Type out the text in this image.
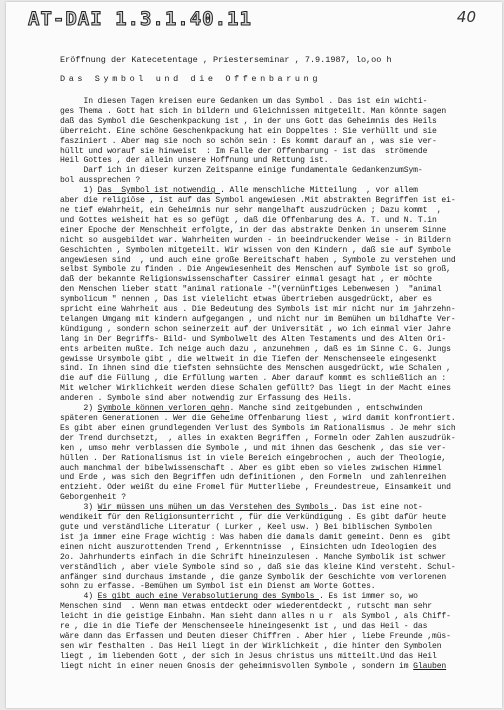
AT-DAI 1.3.1.40.11	40
Eröffnung der Katecetentage , Priesterseminar , 7.9.1987, lo,oo h
Das Symbol und die Offenbarung
In diesen Tagen kreisen eure Gedanken um das Symbol . Das ist ein wichti-
ges Thema . Gott hat sich in bildern und Gleichnissen mitgeteilt. Man könnte sagen
daß das Symbol die Geschenkpackung ist , in der uns Gott das Geheimnis des Heils
überreicht. Eine schöne Geschenkpackung hat ein Doppeltes : Sie verhüllt und sie
fasziniert . Aber mag sie noch so schön sein : Es kommt darauf an , was sie ver-
hüllt und worauf sie hinweist  : Im Falle der Offenbarung - ist das  strömende
Heil Gottes , der allein unsere Hoffnung und Rettung ist.
Darf ich in dieser kurzen Zeitspanne einige fundamentale GedankenzumSym-
bol aussprechen ?
1) Das  Symbol ist notwendig . Alle menschliche Mitteilung  , vor allem
aber die religiöse , ist auf das Symbol angewiesen .Mit abstrakten Begriffen ist ei-
ne tief eWahrheit, ein Geheimnis nur sehr mangelhaft auszudrücken ; Dazu kommt  ,
und Gottes weisheit hat es so gefügt , daß die Offenbarung des A. T. und N. T.in
einer Epoche der Menschheit erfolgte, in der das abstrakte Denken in unserem Sinne
nicht so ausgebildet war. Wahrheiten wurden - in beeindruckender Weise - in Bildern
Geschichten , Symbolen mitgeteilt. Wir wissen von den Kindern , daß sie auf Symbole
angewiesen sind  , und auch eine große Bereitschaft haben , Symbole zu verstehen und
selbst Symbole zu finden . Die Angewiesenheit des Menschen auf Symbole ist so groß,
daß der bekannte Religionswissenschafter Cassirer einmal gesagt hat , er möchte
den Menschen lieber statt "animal rationale -"(vernünftiges Lebenwesen )  "animal
symbolicum " nennen , Das ist vielelicht etwas übertrieben ausgedrückt, aber es
spricht eine Wahrheit aus . Die Bedeutung des Symbols ist mir nicht nur im jahrzehn-
telangen Umgang mit kindern aufgegangen , und nicht nur im Bemühen um bildhafte Ver-
kündigung , sondern schon seinerzeit auf der Universität , wo ich einmal vier Jahre
lang in Der Begriffs- Bild- und Symbolwelt des Alten Testaments und des Alten Ori-
ents arbeiten mußte. Ich neige auch dazu , anzunehmen , daß es im Sinne C. G. Jungs
gewisse Ursymbole gibt , die weltweit in die Tiefen der Menschenseele eingesenkt
sind. In ihnen sind die tiefsten sehnsüchte des Menschen ausgedrückt, wie Schalen ,
die auf die Füllung , die Erfüllung warten . Aber darauf kommt es schließlich an :
Mit welcher Wirklichkeit werden diese Schalen gefüllt? Das liegt in der Macht eines
anderen . Symbole sind aber notwendig zur Erfassung des Heils.
2) Symbole können verloren gehn. Manche sind zeitgebunden , entschwinden
späteren Generationen . Wer die Geheime Offenbarung liest , wird damit konfrontiert.
Es gibt aber einen grundlegenden Verlust des Symbols im Rationalismus . Je mehr sich
der Trend durchsetzt,  , alles in exakten Begriffen , Formeln oder Zahlen auszudrük-
ken , umso mehr verblassen die Symbole , und mit ihnen das Geschenk , das sie ver-
hüllen . Der Rationalismus ist in viele Bereich eingebrochen , auch der Theologie,
auch manchmal der bibelwissenschaft . Aber es gibt eben so vieles zwischen Himmel
und Erde , was sich den Begriffen udn definitionen , den Formeln  und zahlenreihen
entzieht. Oder weißt du eine Fromel für Mutterliebe , Freundestreue, Einsamkeit und
Geborgenheit ?
3) Wir müssen uns mühen um das Verstehen des Symbols . Das ist eine not-
wendikeit für den Religionsunterricht , für die Verkündigung . Es gibt dafür heute
gute und verständliche Literatur ( Lurker , Keel usw. ) Bei biblischen Symbolen
ist ja immer eine Frage wichtig : Was haben die damals damit gemeint. Denn es  gibt
einen nicht auszurottenden Trend , Erkenntnisse  , Einsichten udn Ideologien des
2o. Jahrhunderts einfach in die Schrift hineinzulesen . Manche Symbolik ist schwer
verständlich , aber viele Symbole sind so , daß sie das kleine Kind versteht. Schul-
anfänger sind durchaus imstande , die ganze Symbolik der Geschichte vom verlorenen
sohn zu erfasse. -Bemühen um Symbol ist ein Dienst am Worte Gottes.
4) Es gibt auch eine Verabsolutierung des Symbols . Es ist immer so, wo
Menschen sind  . Wenn man etwas entdeckt oder wiederentdeckt , rutscht man sehr
leicht in die geistige Einbahn. Man sieht dann alles n u r  als Symbol , als Chiff-
re , die in die Tiefe der Menschenseele hineingesenkt ist , und das Heil - das
wäre dann das Erfassen und Deuten dieser Chiffren . Aber hier , liebe Freunde ,müs-
sen wir festhalten . Das Heil liegt in der Wirklichkeit , die hinter den Symbolen
liegt , im liebenden Gott , der sich in Jesus christus uns mitteilt.Und das Heil
liegt nicht in einer neuen Gnosis der geheimnisvollen Symbole , sondern im Glauben
